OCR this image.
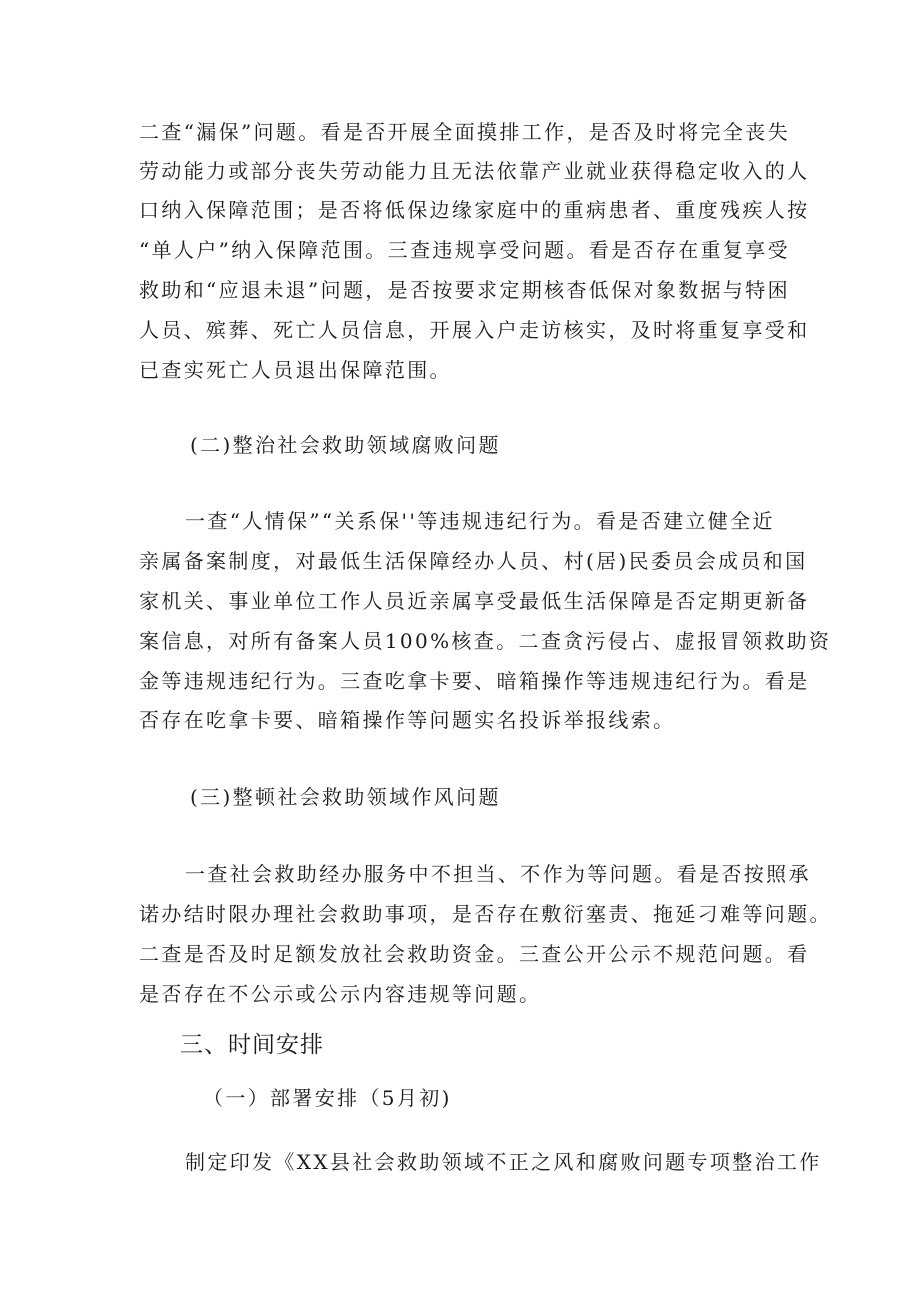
二查“漏保”问题。看是否开展全面摸排工作，是否及时将完全丧失
劳动能力或部分丧失劳动能力且无法依靠产业就业获得稳定收入的人
口纳入保障范围；是否将低保边缘家庭中的重病患者、重度残疾人按
“单人户”纳入保障范围。三查违规享受问题。看是否存在重复享受
救助和“应退未退”问题，是否按要求定期核杳低保对象数据与特困
人员、殡葬、死亡人员信息，开展入户走访核实，及时将重复享受和
已查实死亡人员退出保障范围。
(二)整治社会救助领域腐败问题
一查“人情保”“关系保''等违规违纪行为。看是否建立健全近
亲属备案制度，对最低生活保障经办人员、村(居)民委员会成员和国
家机关、事业单位工作人员近亲属享受最低生活保障是否定期更新备
案信息，对所有备案人员100%核查。二查贪污侵占、虚报冒领救助资
金等违规违纪行为。三查吃拿卡要、暗箱操作等违规违纪行为。看是
否存在吃拿卡要、暗箱操作等问题实名投诉举报线索。
(三)整顿社会救助领域作风问题
一查社会救助经办服务中不担当、不作为等问题。看是否按照承
诺办结时限办理社会救助事项，是否存在敷衍塞责、拖延刁难等问题。
二查是否及时足额发放社会救助资金。三查公开公示不规范问题。看
是否存在不公示或公示内容违规等问题。
三、时间安排
（一）部署安排（5月初)
制定印发《XX县社会救助领域不正之风和腐败问题专项整治工作
